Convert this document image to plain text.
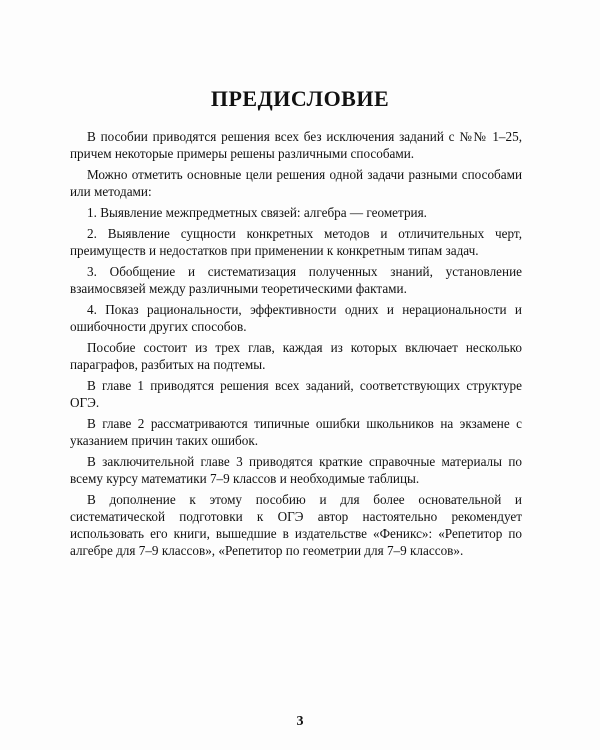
ПРЕДИСЛОВИЕ

В пособии приводятся решения всех без исключения заданий с №№ 1–25, причем некоторые примеры решены различными способами.

Можно отметить основные цели решения одной задачи разными способами или методами:

1. Выявление межпредметных связей: алгебра — геометрия.

2. Выявление сущности конкретных методов и отличительных черт, преимуществ и недостатков при применении к конкретным типам задач.

3. Обобщение и систематизация полученных знаний, установление взаимосвязей между различными теоретическими фактами.

4. Показ рациональности, эффективности одних и нерациональности и ошибочности других способов.

Пособие состоит из трех глав, каждая из которых включает несколько параграфов, разбитых на подтемы.

В главе 1 приводятся решения всех заданий, соответствующих структуре ОГЭ.

В главе 2 рассматриваются типичные ошибки школьников на экзамене с указанием причин таких ошибок.

В заключительной главе 3 приводятся краткие справочные материалы по всему курсу математики 7–9 классов и необходимые таблицы.

В дополнение к этому пособию и для более основательной и систематической подготовки к ОГЭ автор настоятельно рекомендует использовать его книги, вышедшие в издательстве «Феникс»: «Репетитор по алгебре для 7–9 классов», «Репетитор по геометрии для 7–9 классов».

3
